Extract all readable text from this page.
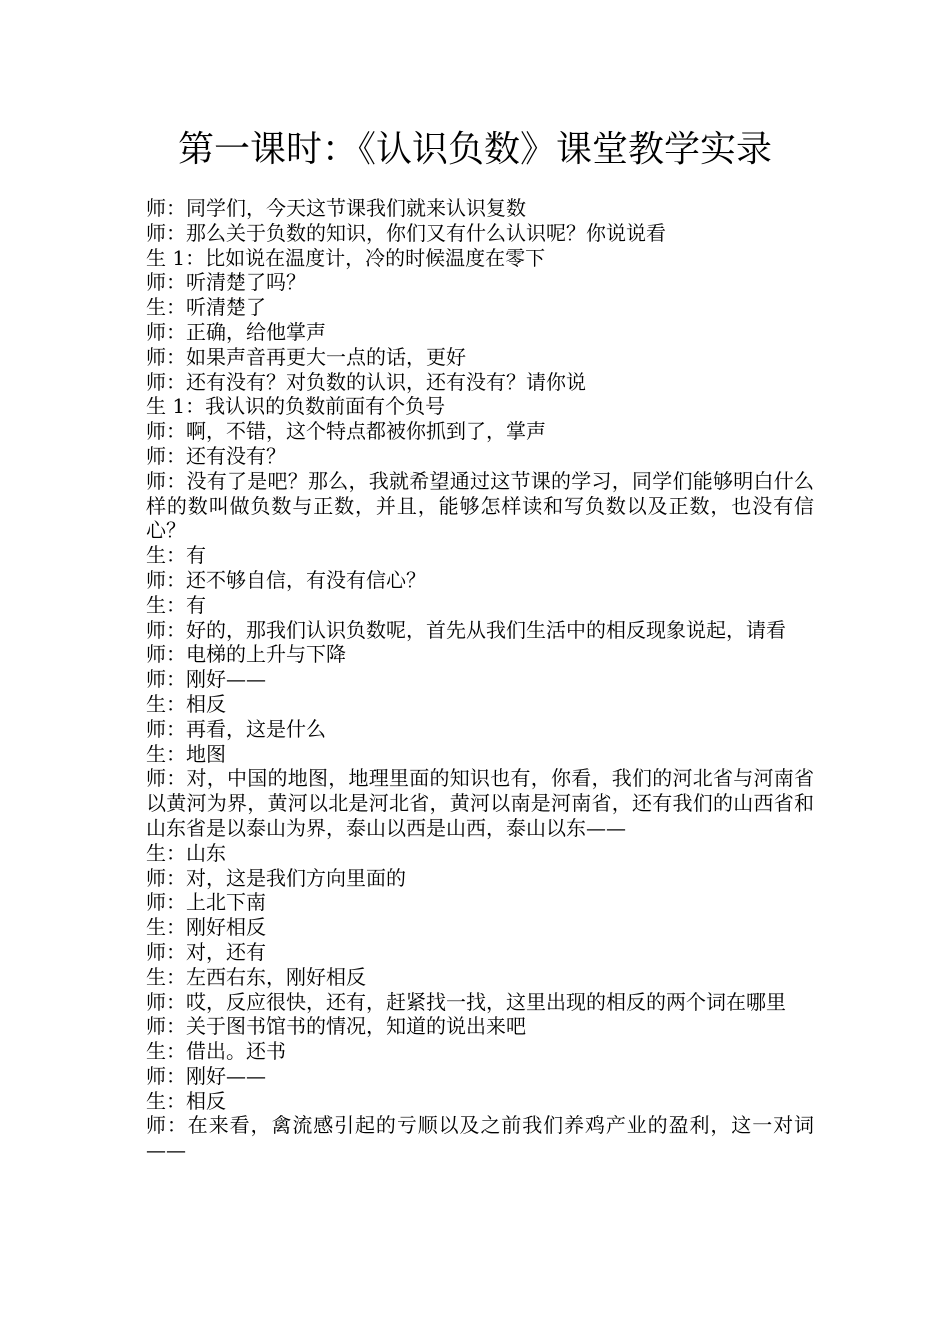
第一课时：《认识负数》课堂教学实录

师：同学们，今天这节课我们就来认识复数

师：那么关于负数的知识，你们又有什么认识呢？你说说看

生 1：比如说在温度计，冷的时候温度在零下

师：听清楚了吗？

生：听清楚了

师：正确，给他掌声

师：如果声音再更大一点的话，更好

师：还有没有？对负数的认识，还有没有？请你说

生 1：我认识的负数前面有个负号

师：啊，不错，这个特点都被你抓到了，掌声

师：还有没有？

师：没有了是吧？那么，我就希望通过这节课的学习，同学们能够明白什么样的数叫做负数与正数，并且，能够怎样读和写负数以及正数，也没有信心？

生：有

师：还不够自信，有没有信心？

生：有

师：好的，那我们认识负数呢，首先从我们生活中的相反现象说起，请看

师：电梯的上升与下降

师：刚好——

生：相反

师：再看，这是什么

生：地图

师：对，中国的地图，地理里面的知识也有，你看，我们的河北省与河南省以黄河为界，黄河以北是河北省，黄河以南是河南省，还有我们的山西省和山东省是以泰山为界，泰山以西是山西，泰山以东——

生：山东

师：对，这是我们方向里面的

师：上北下南

生：刚好相反

师：对，还有

生：左西右东，刚好相反

师：哎，反应很快，还有，赶紧找一找，这里出现的相反的两个词在哪里

师：关于图书馆书的情况，知道的说出来吧

生：借出。还书

师：刚好——

生：相反

师：在来看，禽流感引起的亏顺以及之前我们养鸡产业的盈利，这一对词——
